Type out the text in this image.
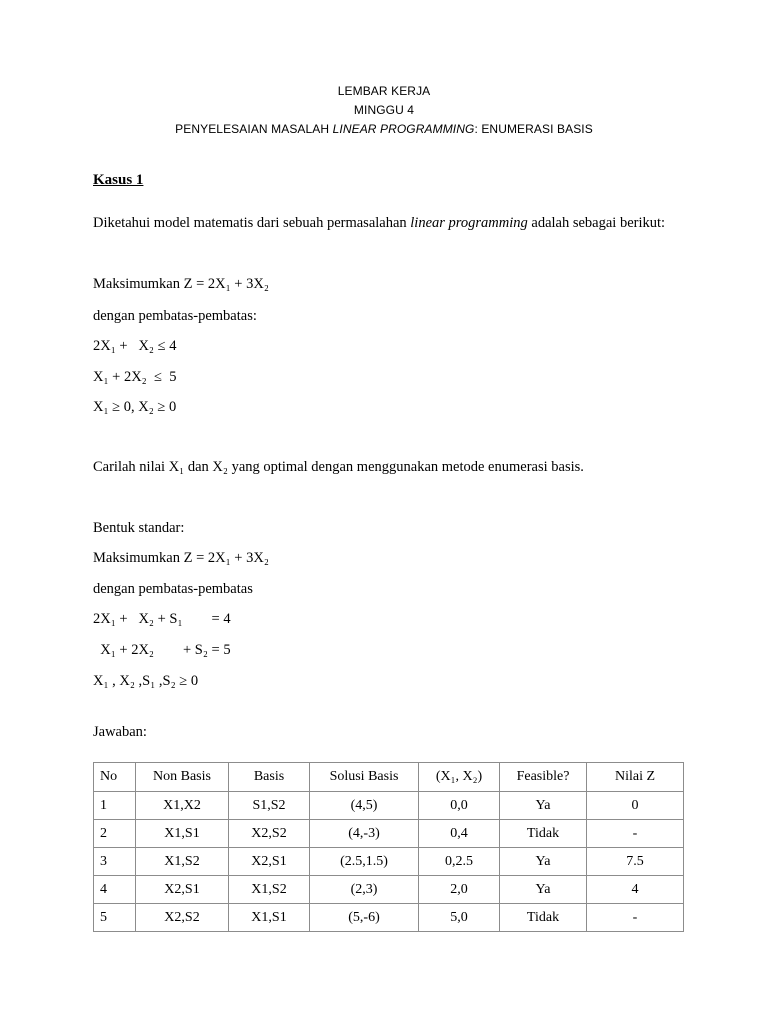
LEMBAR KERJA
MINGGU 4
PENYELESAIAN MASALAH LINEAR PROGRAMMING: ENUMERASI BASIS
Kasus 1
Diketahui model matematis dari sebuah permasalahan linear programming adalah sebagai berikut:
Maksimumkan Z = 2X₁ + 3X₂
dengan pembatas-pembatas:
2X₁ +   X₂ ≤ 4
X₁ + 2X₂  ≤  5
X₁ ≥ 0, X₂ ≥ 0
Carilah nilai X₁ dan X₂ yang optimal dengan menggunakan metode enumerasi basis.
Bentuk standar:
Maksimumkan Z = 2X₁ + 3X₂
dengan pembatas-pembatas
2X₁ +   X₂ + S₁        = 4
X₁ + 2X₂        + S₂ = 5
X₁ , X₂ ,S₁ ,S₂ ≥ 0
Jawaban:
No	Non Basis	Basis	Solusi Basis	(X₁, X₂)	Feasible?	Nilai Z
1	X1,X2	S1,S2	(4,5)	0,0	Ya	0
2	X1,S1	X2,S2	(4,-3)	0,4	Tidak	-
3	X1,S2	X2,S1	(2.5,1.5)	0,2.5	Ya	7.5
4	X2,S1	X1,S2	(2,3)	2,0	Ya	4
5	X2,S2	X1,S1	(5,-6)	5,0	Tidak	-
